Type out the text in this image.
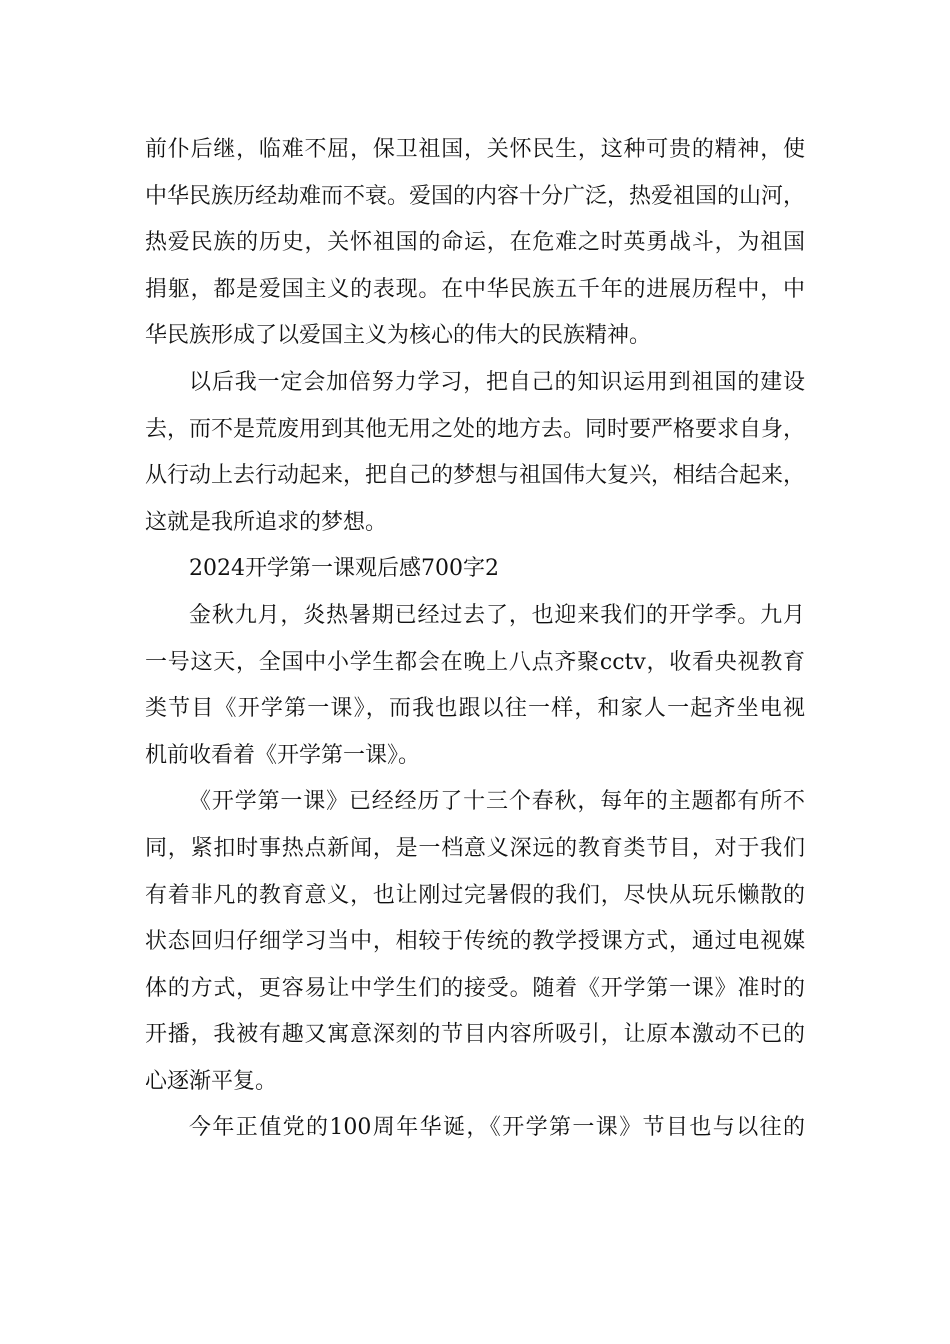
前仆后继，临难不屈，保卫祖国，关怀民生，这种可贵的精神，使
中华民族历经劫难而不衰。爱国的内容十分广泛，热爱祖国的山河，
热爱民族的历史，关怀祖国的命运，在危难之时英勇战斗，为祖国
捐躯，都是爱国主义的表现。在中华民族五千年的进展历程中，中
华民族形成了以爱国主义为核心的伟大的民族精神。
以后我一定会加倍努力学习，把自己的知识运用到祖国的建设
去，而不是荒废用到其他无用之处的地方去。同时要严格要求自身，
从行动上去行动起来，把自己的梦想与祖国伟大复兴，相结合起来，
这就是我所追求的梦想。
2024开学第一课观后感700字2
金秋九月，炎热暑期已经过去了，也迎来我们的开学季。九月
一号这天，全国中小学生都会在晚上八点齐聚cctv，收看央视教育
类节目《开学第一课》，而我也跟以往一样，和家人一起齐坐电视
机前收看着《开学第一课》。
《开学第一课》已经经历了十三个春秋，每年的主题都有所不
同，紧扣时事热点新闻，是一档意义深远的教育类节目，对于我们
有着非凡的教育意义，也让刚过完暑假的我们，尽快从玩乐懒散的
状态回归仔细学习当中，相较于传统的教学授课方式，通过电视媒
体的方式，更容易让中学生们的接受。随着《开学第一课》准时的
开播，我被有趣又寓意深刻的节目内容所吸引，让原本激动不已的
心逐渐平复。
今年正值党的100周年华诞，《开学第一课》节目也与以往的
